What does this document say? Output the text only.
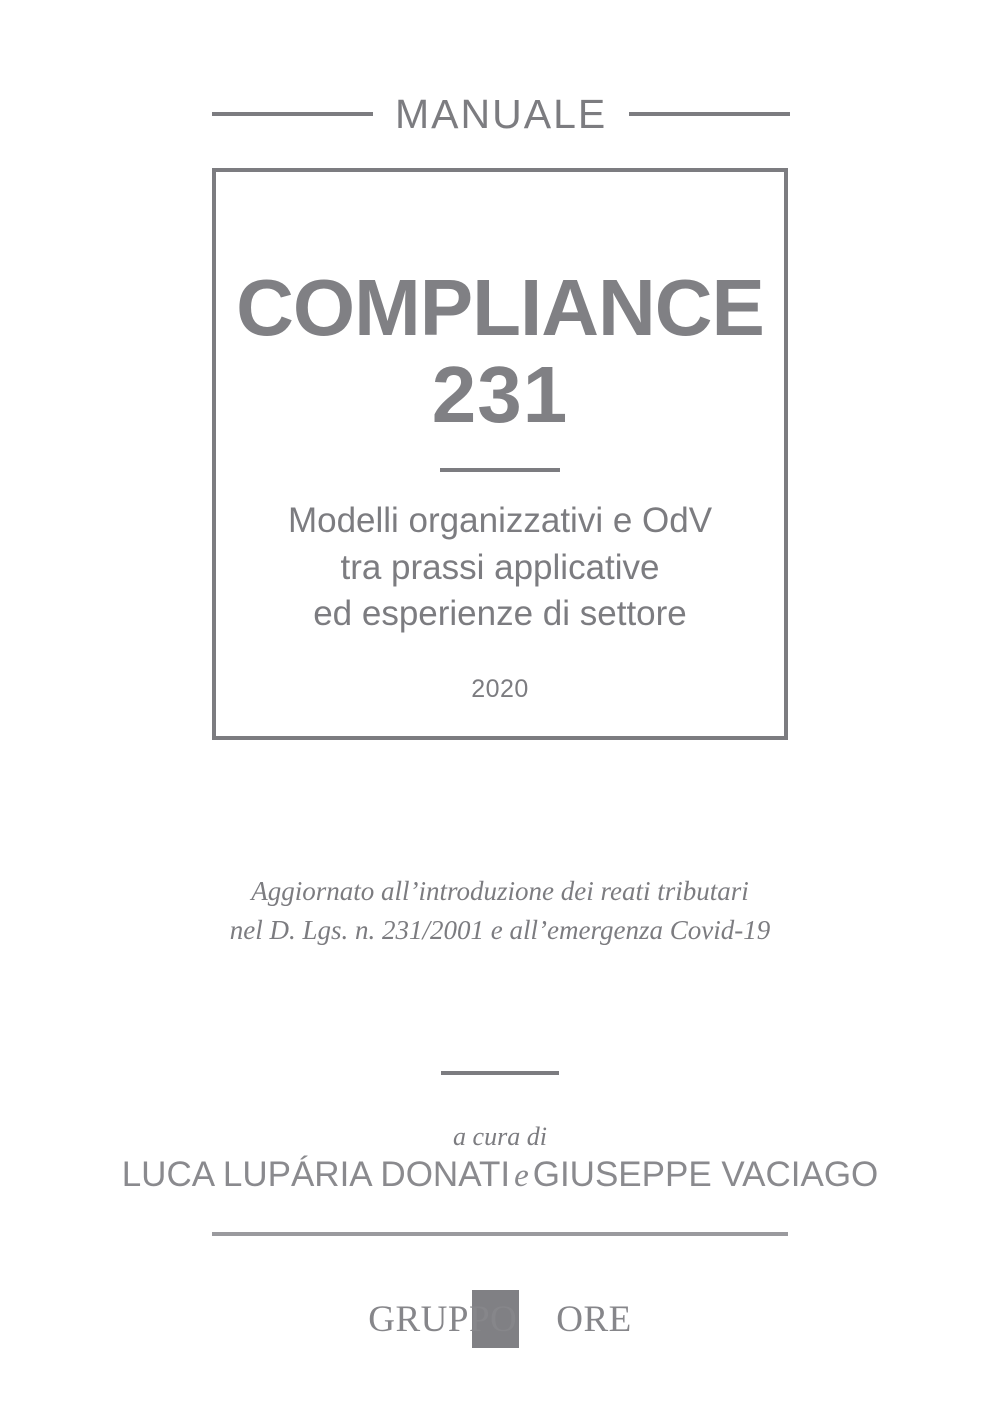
MANUALE
COMPLIANCE
231
Modelli organizzativi e OdV
tra prassi applicative
ed esperienze di settore
2020
Aggiornato all’introduzione dei reati tributari
nel D. Lgs. n. 231/2001 e all’emergenza Covid-19
a cura di
LUCA LUPÁRIA DONATI e GIUSEPPE VACIAGO
GRUPPO 24 ORE
